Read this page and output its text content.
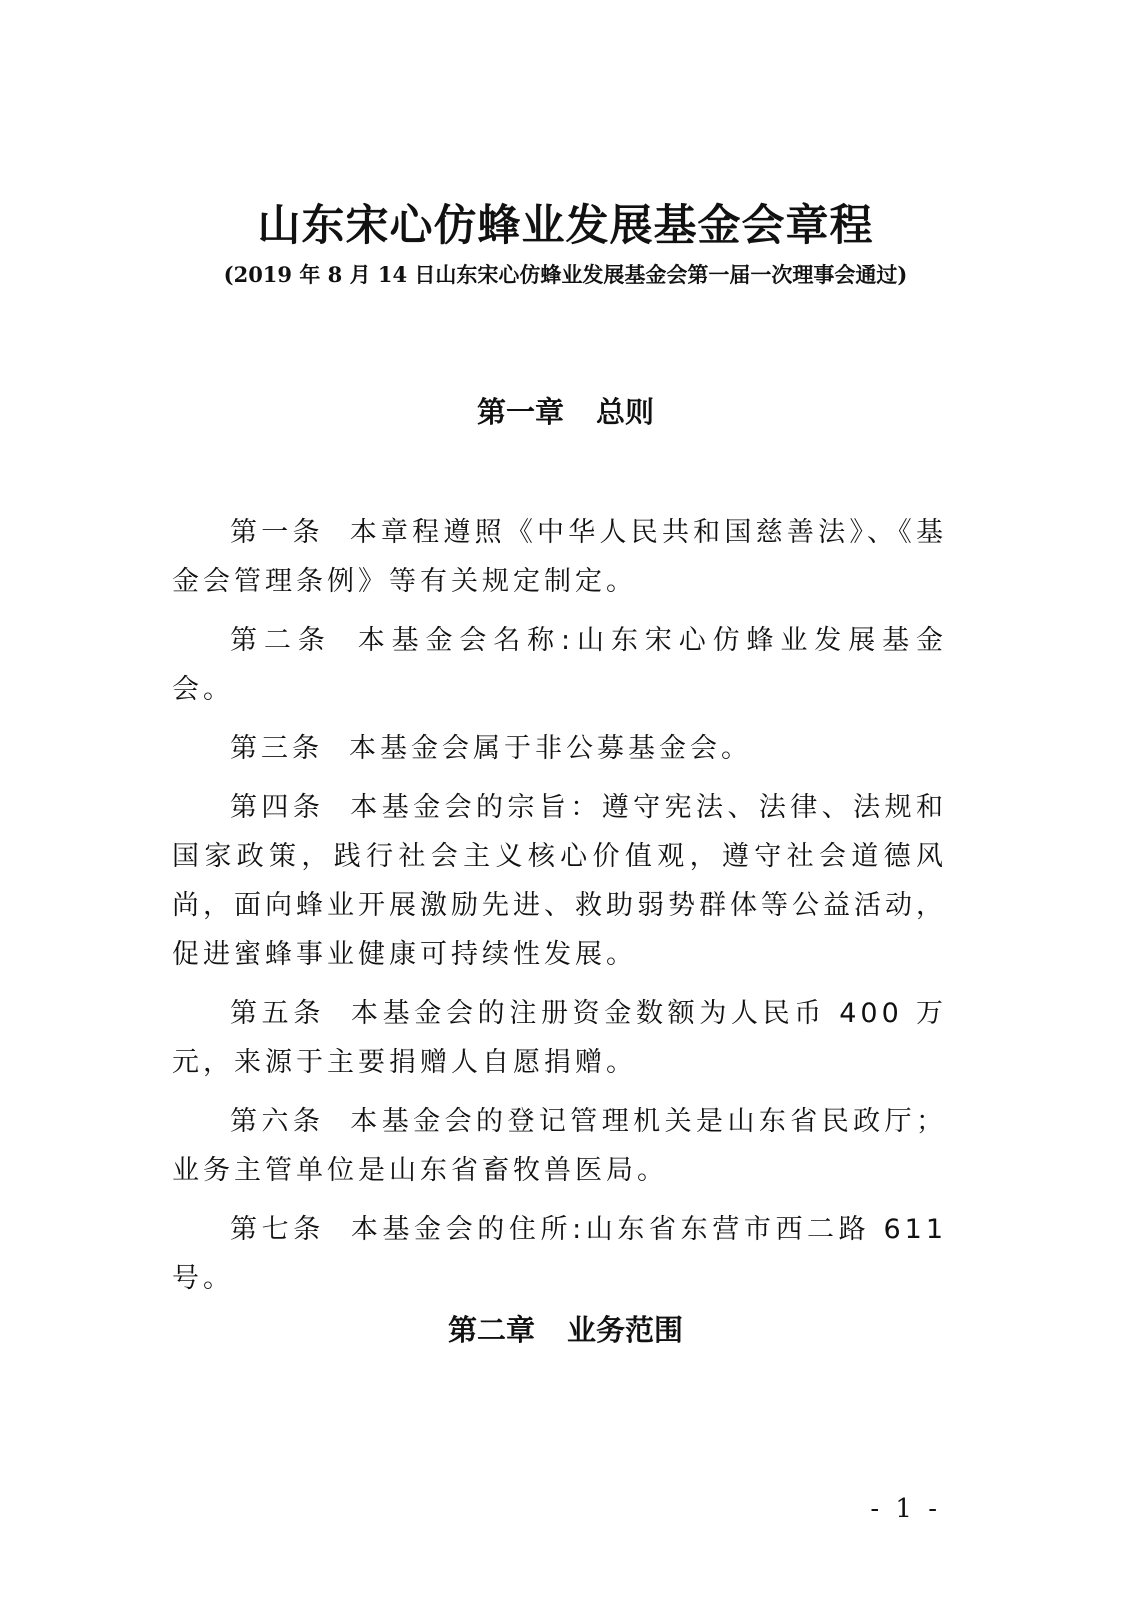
山东宋心仿蜂业发展基金会章程
(2019 年 8 月 14 日山东宋心仿蜂业发展基金会第一届一次理事会通过)
第一章 总则

第一条 本章程遵照《中华人民共和国慈善法》、《基金会管理条例》等有关规定制定。

第二条 本基金会名称:山东宋心仿蜂业发展基金会。

第三条 本基金会属于非公募基金会。

第四条 本基金会的宗旨：遵守宪法、法律、法规和国家政策，践行社会主义核心价值观，遵守社会道德风尚，面向蜂业开展激励先进、救助弱势群体等公益活动，促进蜜蜂事业健康可持续性发展。

第五条 本基金会的注册资金数额为人民币 400 万元，来源于主要捐赠人自愿捐赠。

第六条 本基金会的登记管理机关是山东省民政厅；业务主管单位是山东省畜牧兽医局。

第七条 本基金会的住所:山东省东营市西二路 611 号。

第二章 业务范围
- 1 -
